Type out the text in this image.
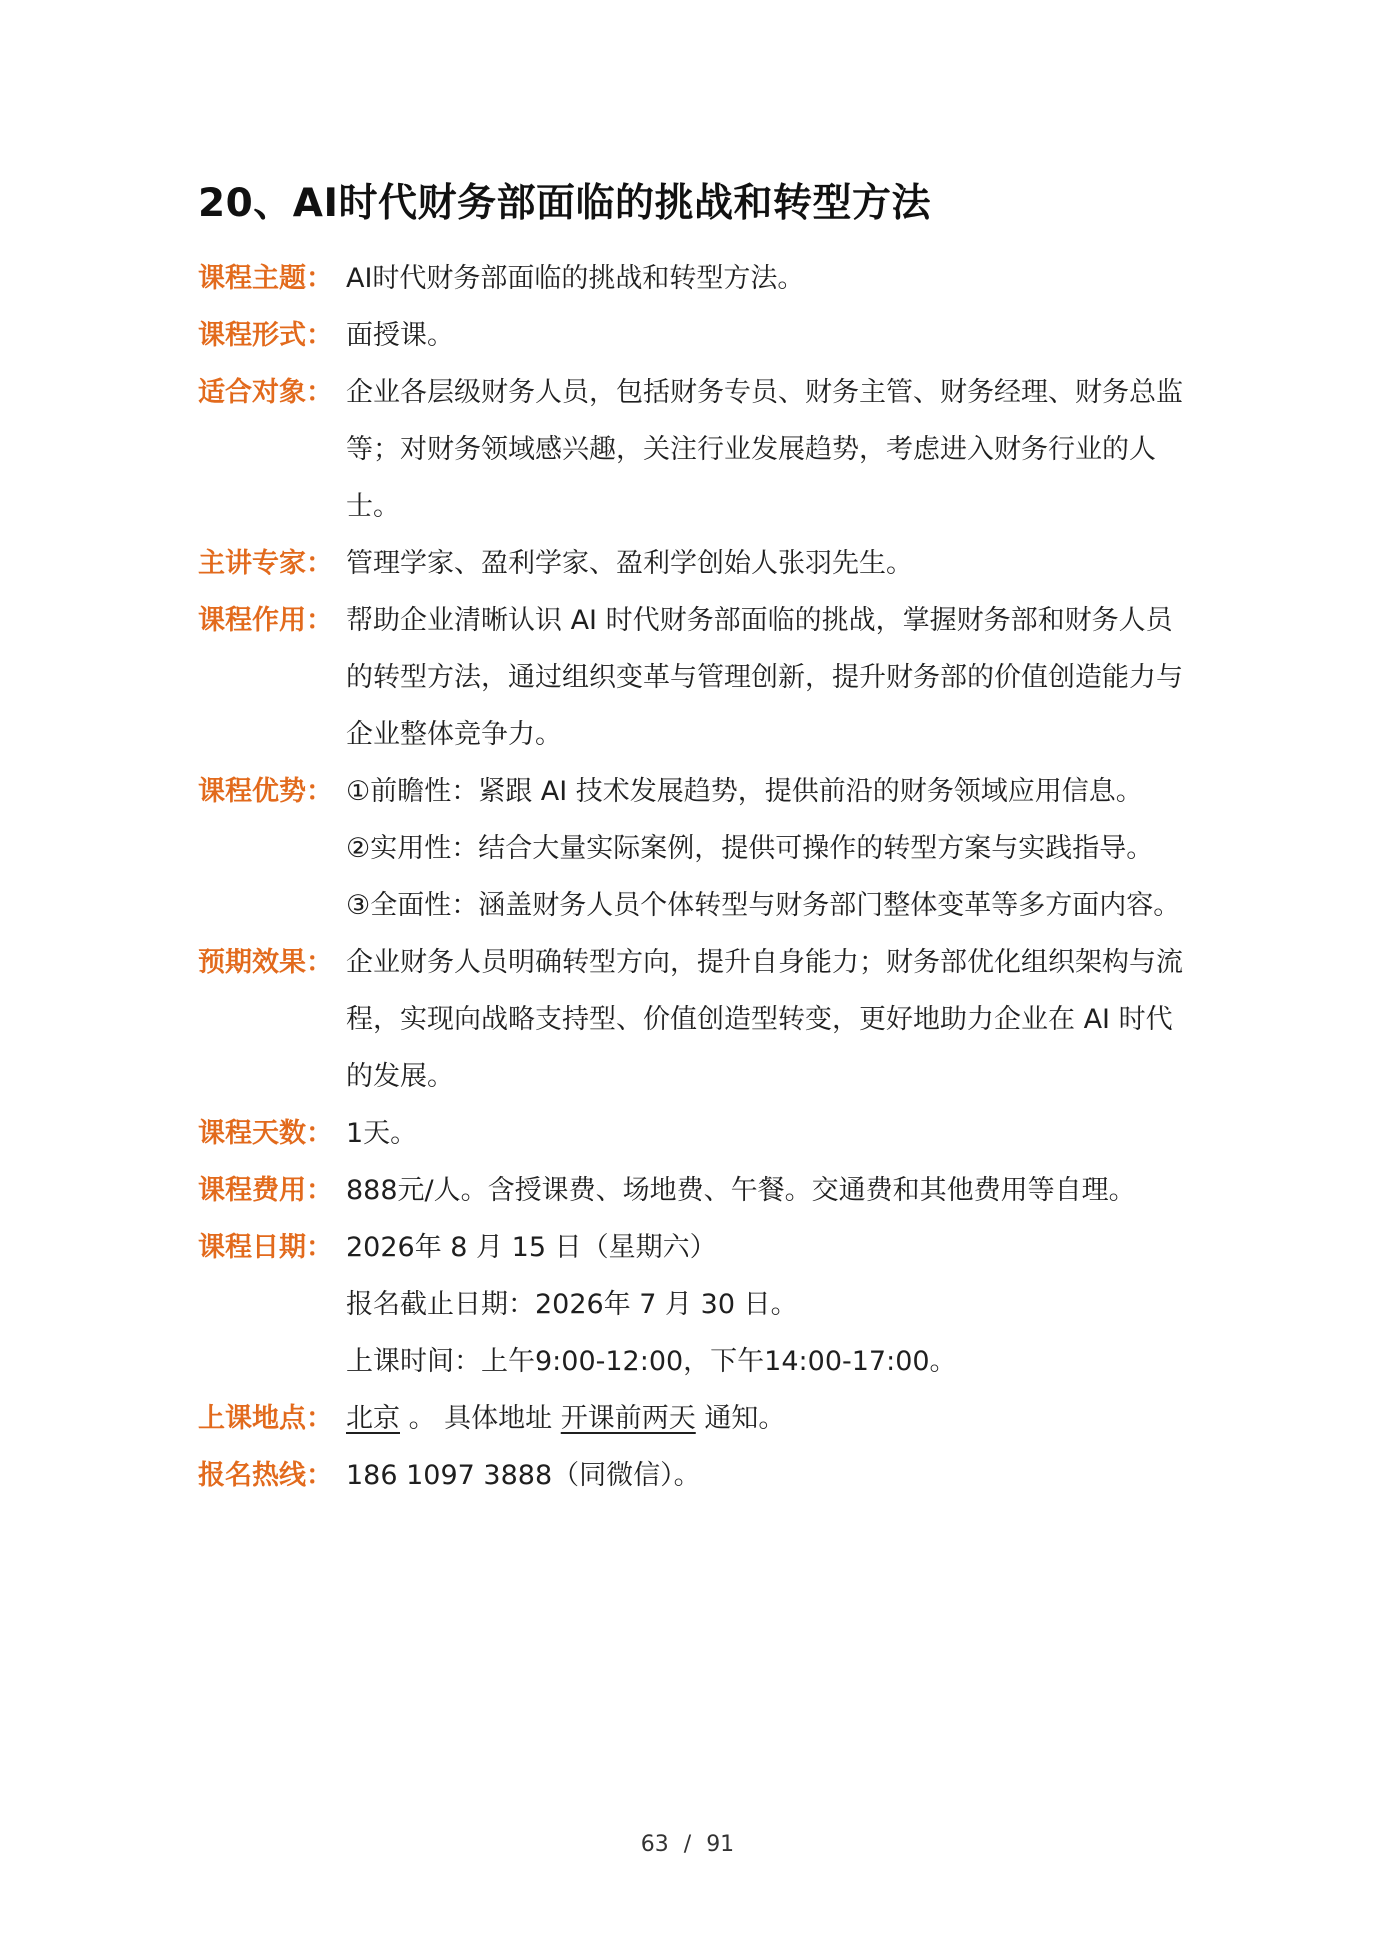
20、AI时代财务部面临的挑战和转型方法
课程主题： AI时代财务部面临的挑战和转型方法。
课程形式： 面授课。
适合对象： 企业各层级财务人员，包括财务专员、财务主管、财务经理、财务总监等；对财务领域感兴趣，关注行业发展趋势，考虑进入财务行业的人士。
主讲专家： 管理学家、盈利学家、盈利学创始人张羽先生。
课程作用： 帮助企业清晰认识 AI 时代财务部面临的挑战，掌握财务部和财务人员的转型方法，通过组织变革与管理创新，提升财务部的价值创造能力与企业整体竞争力。
课程优势： ①前瞻性：紧跟 AI 技术发展趋势，提供前沿的财务领域应用信息。

②实用性：结合大量实际案例，提供可操作的转型方案与实践指导。

③全面性：涵盖财务人员个体转型与财务部门整体变革等多方面内容。

预期效果： 企业财务人员明确转型方向，提升自身能力；财务部优化组织架构与流程，实现向战略支持型、价值创造型转变，更好地助力企业在 AI 时代的发展。
课程天数： 1天。
课程费用： 888元/人。含授课费、场地费、午餐。交通费和其他费用等自理。
课程日期： 2026年 8 月 15 日（星期六）

报名截止日期：2026年 7 月 30 日。

上课时间：上午9:00-12:00，下午14:00-17:00。

上课地点： 北京 。 具体地址 开课前两天 通知。
报名热线： 186 1097 3888（同微信）。
63 / 91
